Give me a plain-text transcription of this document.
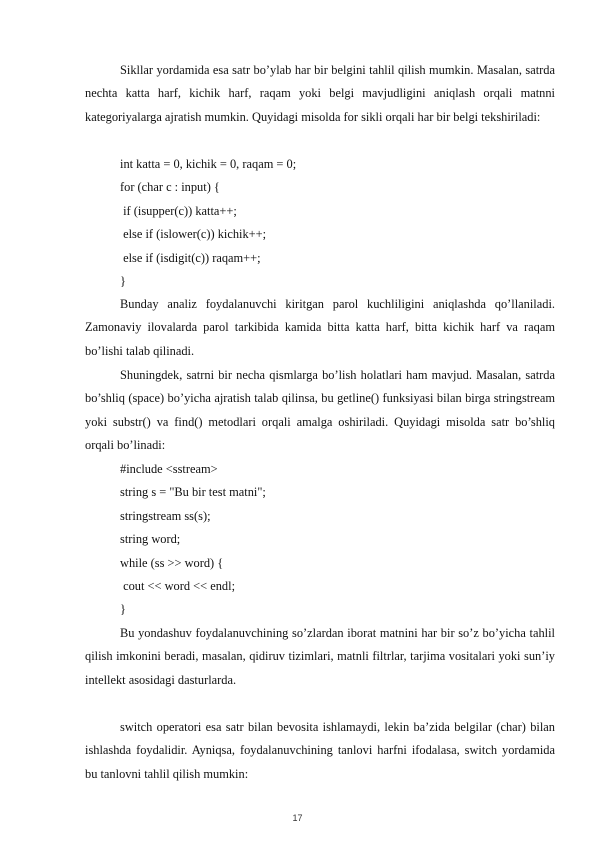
Sikllar yordamida esa satr bo’ylab har bir belgini tahlil qilish mumkin. Masalan, satrda nechta katta harf, kichik harf, raqam yoki belgi mavjudligini aniqlash orqali matnni kategoriyalarga ajratish mumkin. Quyidagi misolda for sikli orqali har bir belgi tekshiriladi:

int katta = 0, kichik = 0, raqam = 0;

for (char c : input) {

if (isupper(c)) katta++;

else if (islower(c)) kichik++;

else if (isdigit(c)) raqam++;

}

Bunday analiz foydalanuvchi kiritgan parol kuchliligini aniqlashda qo’llaniladi. Zamonaviy ilovalarda parol tarkibida kamida bitta katta harf, bitta kichik harf va raqam bo’lishi talab qilinadi.

Shuningdek, satrni bir necha qismlarga bo’lish holatlari ham mavjud. Masalan, satrda bo’shliq (space) bo’yicha ajratish talab qilinsa, bu getline() funksiyasi bilan birga stringstream yoki substr() va find() metodlari orqali amalga oshiriladi. Quyidagi misolda satr bo’shliq orqali bo’linadi:

#include <sstream>

string s = "Bu bir test matni";

stringstream ss(s);

string word;

while (ss >> word) {

cout << word << endl;

}

Bu yondashuv foydalanuvchining so’zlardan iborat matnini har bir so’z bo’yicha tahlil qilish imkonini beradi, masalan, qidiruv tizimlari, matnli filtrlar, tarjima vositalari yoki sun’iy intellekt asosidagi dasturlarda.

switch operatori esa satr bilan bevosita ishlamaydi, lekin ba’zida belgilar (char) bilan ishlashda foydalidir. Ayniqsa, foydalanuvchining tanlovi harfni ifodalasa, switch yordamida bu tanlovni tahlil qilish mumkin:

17
